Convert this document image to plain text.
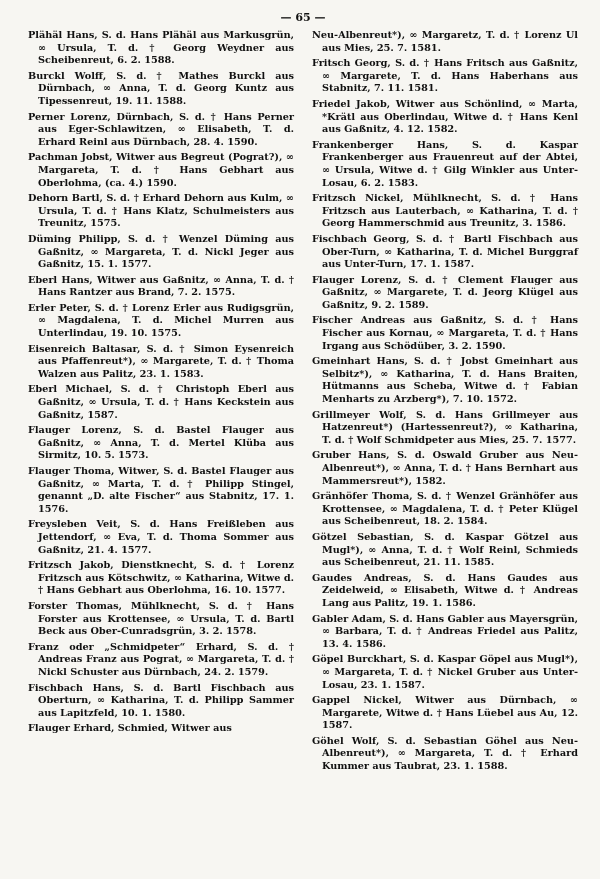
— 65 —

Plähäl Hans, S. d. Hans Plähäl aus Markusgrün, ∞ Ursula, T. d. † Georg Weydner aus Scheibenreut, 6. 2. 1588.

Burckl Wolff, S. d. † Mathes Burckl aus Dürnbach, ∞ Anna, T. d. Georg Kuntz aus Tipessenreut, 19. 11. 1588.

Perner Lorenz, Dürnbach, S. d. † Hans Perner aus Eger-Schlawitzen, ∞ Elisabeth, T. d. Erhard Reinl aus Dürnbach, 28. 4. 1590.

Pachman Jobst, Witwer aus Begreut (Pograt?), ∞ Margareta, T. d. † Hans Gebhart aus Oberlohma, (ca. 4.) 1590.

Dehorn Bartl, S. d. † Erhard Dehorn aus Kulm, ∞ Ursula, T. d. † Hans Klatz, Schulmeisters aus Treunitz, 1575.

Düming Philipp, S. d. † Wenzel Düming aus Gaßnitz, ∞ Margareta, T. d. Nickl Jeger aus Gaßnitz, 15. 1. 1577.

Eberl Hans, Witwer aus Gaßnitz, ∞ Anna, T. d. † Hans Rantzer aus Brand, 7. 2. 1575.

Erler Peter, S. d. † Lorenz Erler aus Rudigsgrün, ∞ Magdalena, T. d. Michel Murren aus Unterlindau, 19. 10. 1575.

Eisenreich Baltasar, S. d. † Simon Eysenreich aus Pfaffenreut*), ∞ Margarete, T. d. † Thoma Walzen aus Palitz, 23. 1. 1583.

Eberl Michael, S. d. † Christoph Eberl aus Gaßnitz, ∞ Ursula, T. d. † Hans Keckstein aus Gaßnitz, 1587.

Flauger Lorenz, S. d. Bastel Flauger aus Gaßnitz, ∞ Anna, T. d. Mertel Klüba aus Sirmitz, 10. 5. 1573.

Flauger Thoma, Witwer, S. d. Bastel Flauger aus Gaßnitz, ∞ Marta, T. d. † Philipp Stingel, genannt „D. alte Fischer“ aus Stabnitz, 17. 1. 1576.

Freysleben Veit, S. d. Hans Freißleben aus Jettendorf, ∞ Eva, T. d. Thoma Sommer aus Gaßnitz, 21. 4. 1577.

Fritzsch Jakob, Dienstknecht, S. d. † Lorenz Fritzsch aus Kötschwitz, ∞ Katharina, Witwe d. † Hans Gebhart aus Oberlohma, 16. 10. 1577.

Forster Thomas, Mühlknecht, S. d. † Hans Forster aus Krottensee, ∞ Ursula, T. d. Bartl Beck aus Ober-Cunradsgrün, 3. 2. 1578.

Franz oder „Schmidpeter“ Erhard, S. d. † Andreas Franz aus Pograt, ∞ Margareta, T. d. † Nickl Schuster aus Dürnbach, 24. 2. 1579.

Fischbach Hans, S. d. Bartl Fischbach aus Oberturn, ∞ Katharina, T. d. Philipp Sammer aus Lapitzfeld, 10. 1. 1580.

Flauger Erhard, Schmied, Witwer aus

Neu-Albenreut*), ∞ Margaretz, T. d. † Lorenz Ul aus Mies, 25. 7. 1581.

Fritsch Georg, S. d. † Hans Fritsch aus Gaßnitz, ∞ Margarete, T. d. Hans Haberhans aus Stabnitz, 7. 11. 1581.

Friedel Jakob, Witwer aus Schönlind, ∞ Marta, *Krätl aus Oberlindau, Witwe d. † Hans Kenl aus Gaßnitz, 4. 12. 1582.

Frankenberger Hans, S. d. Kaspar Frankenberger aus Frauenreut auf der Abtei, ∞ Ursula, Witwe d. † Gilg Winkler aus Unter-Losau, 6. 2. 1583.

Fritzsch Nickel, Mühlknecht, S. d. † Hans Fritzsch aus Lauterbach, ∞ Katharina, T. d. † Georg Hammerschmid aus Treunitz, 3. 1586.

Fischbach Georg, S. d. † Bartl Fischbach aus Ober-Turn, ∞ Katharina, T. d. Michel Burggraf aus Unter-Turn, 17. 1. 1587.

Flauger Lorenz, S. d. † Clement Flauger aus Gaßnitz, ∞ Margarete, T. d. Jeorg Klügel aus Gaßnitz, 9. 2. 1589.

Fischer Andreas aus Gaßnitz, S. d. † Hans Fischer aus Kornau, ∞ Margareta, T. d. † Hans Irgang aus Schödüber, 3. 2. 1590.

Gmeinhart Hans, S. d. † Jobst Gmeinhart aus Selbitz*), ∞ Katharina, T. d. Hans Braiten, Hütmanns aus Scheba, Witwe d. † Fabian Menharts zu Arzberg*), 7. 10. 1572.

Grillmeyer Wolf, S. d. Hans Grillmeyer aus Hatzenreut*) (Hartessenreut?), ∞ Katharina, T. d. † Wolf Schmidpeter aus Mies, 25. 7. 1577.

Gruber Hans, S. d. Oswald Gruber aus Neu-Albenreut*), ∞ Anna, T. d. † Hans Bernhart aus Mammersreut*), 1582.

Gränhöfer Thoma, S. d. † Wenzel Gränhöfer aus Krottensee, ∞ Magdalena, T. d. † Peter Klügel aus Scheibenreut, 18. 2. 1584.

Götzel Sebastian, S. d. Kaspar Götzel aus Mugl*), ∞ Anna, T. d. † Wolf Reinl, Schmieds aus Scheibenreut, 21. 11. 1585.

Gaudes Andreas, S. d. Hans Gaudes aus Zeidelweid, ∞ Elisabeth, Witwe d. † Andreas Lang aus Palitz, 19. 1. 1586.

Gabler Adam, S. d. Hans Gabler aus Mayersgrün, ∞ Barbara, T. d. † Andreas Friedel aus Palitz, 13. 4. 1586.

Göpel Burckhart, S. d. Kaspar Göpel aus Mugl*), ∞ Margareta, T. d. † Nickel Gruber aus Unter-Losau, 23. 1. 1587.

Gappel Nickel, Witwer aus Dürnbach, ∞ Margarete, Witwe d. † Hans Lüebel aus Au, 12. 1587.

Göhel Wolf, S. d. Sebastian Göhel aus Neu-Albenreut*), ∞ Margareta, T. d. † Erhard Kummer aus Taubrat, 23. 1. 1588.
